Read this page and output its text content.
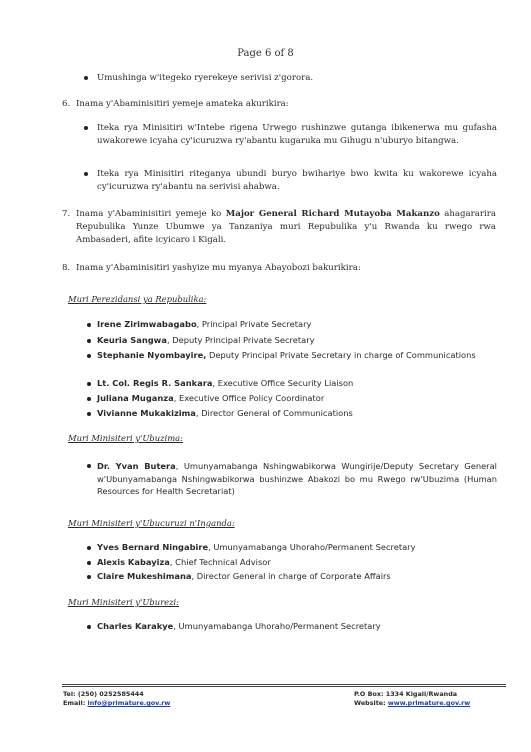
Page 6 of 8
Umushinga w'itegeko ryerekeye serivisi z'gorora.
6. Inama y'Abaminisitiri yemeje amateka akurikira:
Iteka rya Minisitiri w'Intebe rigena Urwego rushinzwe gutanga ibikenerwa mu gufasha uwakorewe icyaha cy'icuruzwa ry'abantu kugaruka mu Gihugu n'uburyo bitangwa.
Iteka rya Minisitiri riteganya ubundi buryo bwihariye bwo kwita ku wakorewe icyaha cy'icuruzwa ry'abantu na serivisi ahabwa.
7. Inama y'Abaminisitiri yemeje ko Major General Richard Mutayoba Makanzo ahagararira Repubulika Yunze Ubumwe ya Tanzaniya muri Repubulika y'u Rwanda ku rwego rwa Ambasaderi, afite icyicaro i Kigali.
8. Inama y'Abaminisitiri yashyize mu myanya Abayobozi bakurikira:
Muri Perezidansi ya Repubulika:
Irene Zirimwabagabo, Principal Private Secretary
Keuria Sangwa, Deputy Principal Private Secretary
Stephanie Nyombayire, Deputy Principal Private Secretary in charge of Communications
Lt. Col. Regis R. Sankara, Executive Office Security Liaison
Juliana Muganza, Executive Office Policy Coordinator
Vivianne Mukakizima, Director General of Communications
Muri Minisiteri y'Ubuzima:
Dr. Yvan Butera, Umunyamabanga Nshingwabikorwa Wungirije/Deputy Secretary General w'Ubunyamabanga Nshingwabikorwa bushinzwe Abakozi bo mu Rwego rw'Ubuzima (Human Resources for Health Secretariat)
Muri Minisiteri y'Ubucuruzi n'Inganda:
Yves Bernard Ningabire, Umunyamabanga Uhoraho/Permanent Secretary
Alexis Kabayiza, Chief Technical Advisor
Claire Mukeshimana, Director General in charge of Corporate Affairs
Muri Minisiteri y'Uburezi:
Charles Karakye, Umunyamabanga Uhoraho/Permanent Secretary
Tel: (250) 0252585444
Email: info@primature.gov.rw
P.O Box: 1334 Kigali/Rwanda
Website: www.primature.gov.rw
